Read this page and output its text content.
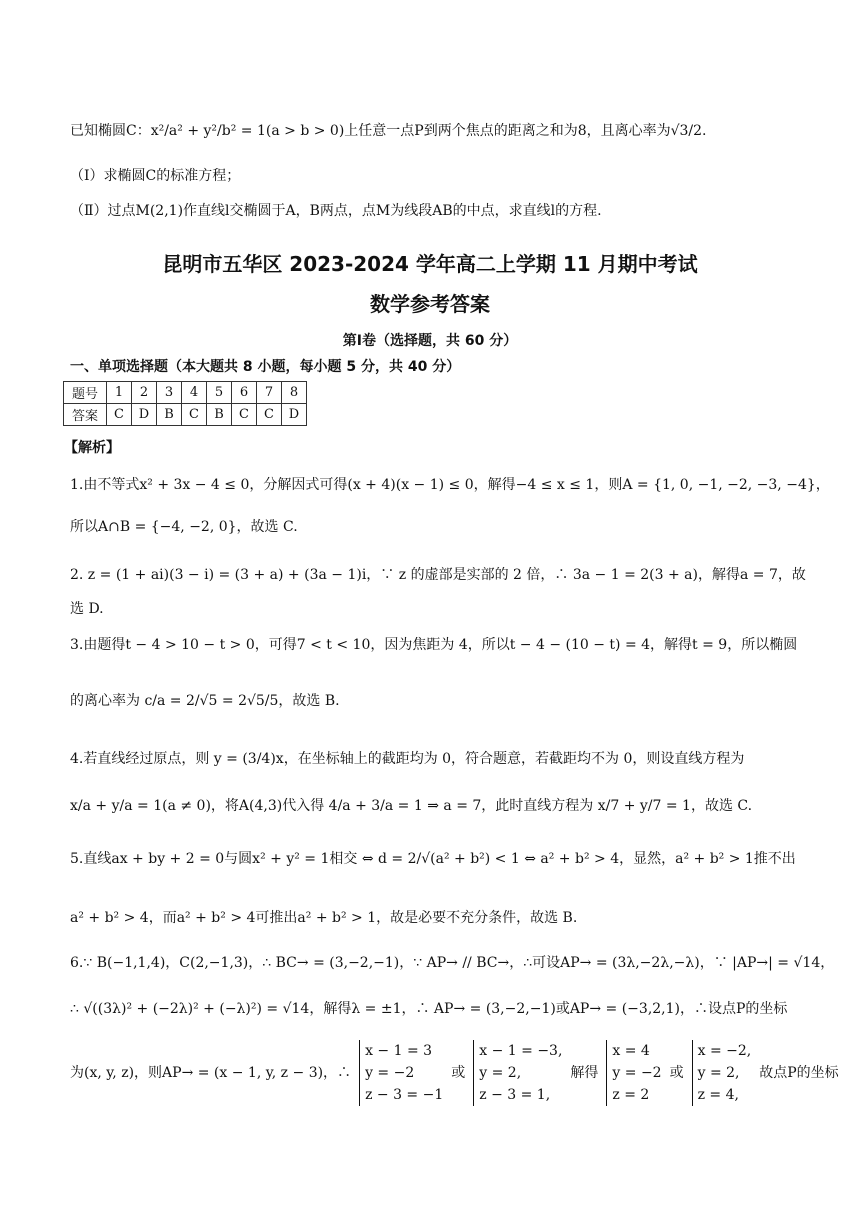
已知椭圆C：x²/a² + y²/b² = 1(a > b > 0)上任意一点P到两个焦点的距离之和为8，且离心率为√3/2.
（Ⅰ）求椭圆C的标准方程；
（Ⅱ）过点M(2,1)作直线l交椭圆于A，B两点，点M为线段AB的中点，求直线l的方程.
昆明市五华区 2023-2024 学年高二上学期 11 月期中考试
数学参考答案
第Ⅰ卷（选择题，共 60 分）
一、单项选择题（本大题共 8 小题，每小题 5 分，共 40 分）
题号	1	2	3	4	5	6	7	8
答案	C	D	B	C	B	C	C	D
【解析】
1.由不等式x² + 3x − 4 ≤ 0，分解因式可得(x + 4)(x − 1) ≤ 0，解得−4 ≤ x ≤ 1，则A = {1, 0, −1, −2, −3, −4}，
所以A∩B = {−4, −2, 0}，故选 C.
2. z = (1 + ai)(3 − i) = (3 + a) + (3a − 1)i，∵ z 的虚部是实部的 2 倍，∴ 3a − 1 = 2(3 + a)，解得a = 7，故
选 D.
3.由题得t − 4 > 10 − t > 0，可得7 < t < 10，因为焦距为 4，所以t − 4 − (10 − t) = 4，解得t = 9，所以椭圆
的离心率为 c/a = 2/√5 = 2√5/5，故选 B.
4.若直线经过原点，则 y = (3/4)x，在坐标轴上的截距均为 0，符合题意，若截距均不为 0，则设直线方程为
x/a + y/a = 1(a ≠ 0)，将A(4,3)代入得 4/a + 3/a = 1 ⇒ a = 7，此时直线方程为 x/7 + y/7 = 1，故选 C.
5.直线ax + by + 2 = 0与圆x² + y² = 1相交 ⇔ d = 2/√(a² + b²) < 1 ⇔ a² + b² > 4，显然，a² + b² > 1推不出
a² + b² > 4，而a² + b² > 4可推出a² + b² > 1，故是必要不充分条件，故选 B.
6.∵ B(−1,1,4)，C(2,−1,3)，∴ BC→ = (3,−2,−1)，∵ AP→ // BC→，∴可设AP→ = (3λ,−2λ,−λ)，∵ |AP→| = √14，
∴ √((3λ)² + (−2λ)² + (−λ)²) = √14，解得λ = ±1，∴ AP→ = (3,−2,−1)或AP→ = (−3,2,1)，∴设点P的坐标
为(x, y, z)，则AP→ = (x − 1, y, z − 3)，∴
x − 1 = 3
y = −2
z − 3 = −1
或
x − 1 = −3,
y = 2,
z − 3 = 1,
解得
x = 4
y = −2
z = 2
或
x = −2,
y = 2,
z = 4,
故点P的坐标
